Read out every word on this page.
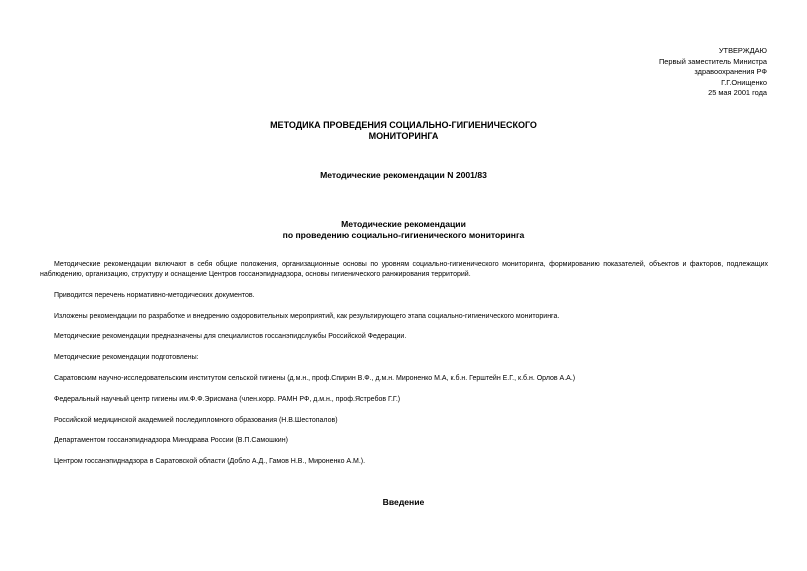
УТВЕРЖДАЮ
Первый заместитель Министра
здравоохранения РФ
Г.Г.Онищенко
25 мая 2001 года
МЕТОДИКА ПРОВЕДЕНИЯ СОЦИАЛЬНО-ГИГИЕНИЧЕСКОГО
МОНИТОРИНГА
Методические рекомендации N 2001/83
Методические рекомендации
по проведению социально-гигиенического мониторинга

Методические рекомендации включают в себя общие положения, организационные основы по уровням социально-гигиенического мониторинга, формированию показателей, объектов и факторов, подлежащих наблюдению, организацию, структуру и оснащение Центров госсанэпиднадзора, основы гигиенического ранжирования территорий.

Приводится перечень нормативно-методических документов.

Изложены рекомендации по разработке и внедрению оздоровительных мероприятий, как результирующего этапа социально-гигиенического мониторинга.

Методические рекомендации предназначены для специалистов госсанэпидслужбы Российской Федерации.

Методические рекомендации подготовлены:

Саратовским научно-исследовательским институтом сельской гигиены (д.м.н., проф.Спирин В.Ф., д.м.н. Мироненко М.А, к.б.н. Герштейн Е.Г., к.б.н. Орлов А.А.)

Федеральный научный центр гигиены им.Ф.Ф.Эрисмана (член.корр. РАМН РФ, д.м.н., проф.Ястребов Г.Г.)

Российской медицинской академией последипломного образования (Н.В.Шестопалов)

Департаментом госсанэпиднадзора Минздрава России (В.П.Самошкин)

Центром госсанэпиднадзора в Саратовской области (Добло А.Д., Гамов Н.В., Мироненко А.М.).

Введение
